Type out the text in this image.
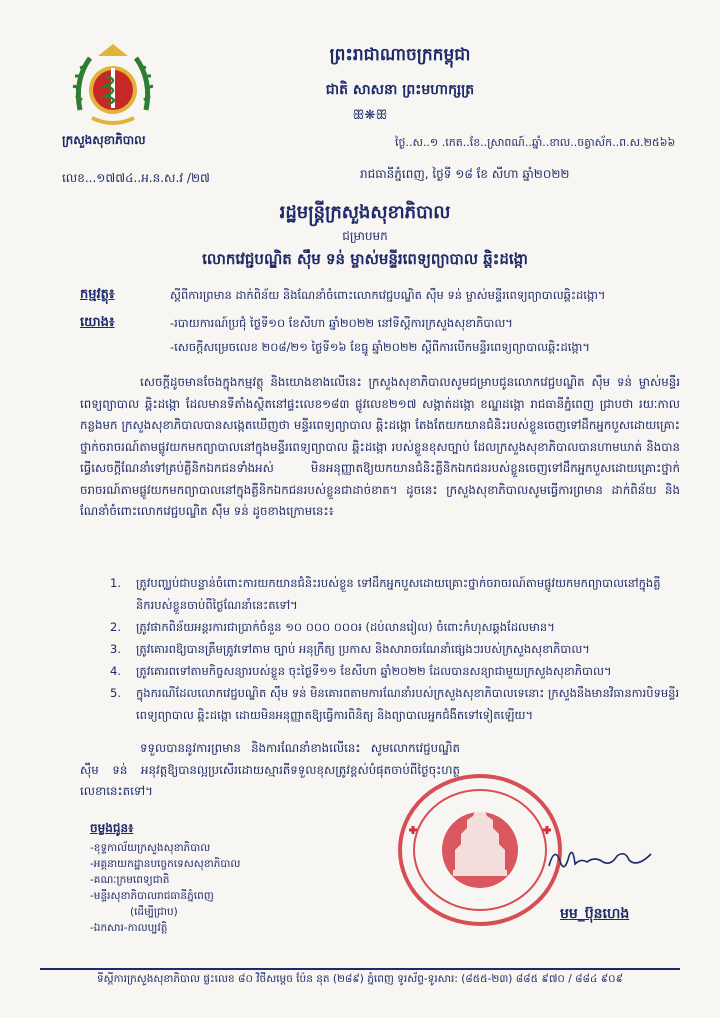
ក្រសួងសុខាភិបាល
លេខ...១៧៧៤..អ.ន.ស.វ /២៧
ព្រះរាជាណាចក្រកម្ពុជា
ជាតិ សាសនា ព្រះមហាក្សត្រ
ꕥ❋ꕥ
ថ្ងៃ..ស..១ .កេត..ខែ..ស្រាពណ៍..ឆ្នាំ..ខាល..ចត្វាស័ក..ព.ស.២៥៦៦
រាជធានីភ្នំពេញ, ថ្ងៃទី ១៨ ខែ សីហា ឆ្នាំ២០២២
រដ្ឋមន្ត្រីក្រសួងសុខាភិបាល
ជម្រាបមក
លោកវេជ្ជបណ្ឌិត ស៊ឹម ទន់ ម្ចាស់មន្ទីរពេទ្យព្យាបាល ឆ្ពិះដង្កោ
កម្មវត្ថុ៖	ស្តីពីការព្រមាន ដាក់ពិន័យ និងណែនាំចំពោះលោកវេជ្ជបណ្ឌិត ស៊ឹម ទន់ ម្ចាស់មន្ទីរពេទ្យព្យាបាលឆ្ពិះដង្កោ។
យោង៖	-របាយការណ៍ប្រជុំ ថ្ងៃទី១០ ខែសីហា ឆ្នាំ២០២២ នៅទីស្តីការក្រសួងសុខាភិបាល។
-សេចក្តីសម្រេចលេខ ២០៨/២១ ថ្ងៃទី១៦ ខែធ្នូ ឆ្នាំ២០២២ ស្តីពីការបើកមន្ទីរពេទ្យព្យាបាលឆ្ពិះដង្កោ។
សេចក្តីដូចមានចែងក្នុងកម្មវត្ថុ និងយោងខាងលើនេះ ក្រសួងសុខាភិបាលសូមជម្រាបជូនលោកវេជ្ជបណ្ឌិត ស៊ឹម ទន់ ម្ចាស់មន្ទីរពេទ្យព្យាបាល ឆ្ពិះដង្កោ ដែលមានទីតាំងស្ថិតនៅផ្ទះលេខ១៨៣ ផ្លូវលេខ២១៧ សង្កាត់ដង្កោ ខណ្ឌដង្កោ រាជធានីភ្នំពេញ ជ្រាបថា រយៈកាលកន្លងមក ក្រសួងសុខាភិបាលបានសង្កេតឃើញថា មន្ទីរពេទ្យព្យាបាល ឆ្ពិះដង្កោ តែងតែយកយានជំនិះរបស់ខ្លួនចេញទៅដឹកអ្នកបួសដោយគ្រោះថ្នាក់ចរាចរណ៍តាមផ្លូវយកមកព្យាបាលនៅក្នុងមន្ទីរពេទ្យព្យាបាល ឆ្ពិះដង្កោ របស់ខ្លួនខុសច្បាប់ ដែលក្រសួងសុខាភិបាលបានហាមឃាត់ និងបានធ្វើសេចក្តីណែនាំទៅគ្រប់គ្លីនិកឯកជនទាំងអស់ មិនអនុញ្ញាតឱ្យយកយានជំនិះគ្លីនិកឯកជនរបស់ខ្លួនចេញទៅដឹកអ្នកបួសដោយគ្រោះថ្នាក់ចរាចរណ៍តាមផ្លូវយកមកព្យាបាលនៅក្នុងគ្លីនិកឯកជនរបស់ខ្លួនជាដាច់ខាត។ ដូចនេះ ក្រសួងសុខាភិបាលសូមធ្វើការព្រមាន ដាក់ពិន័យ និងណែនាំចំពោះលោកវេជ្ជបណ្ឌិត ស៊ឹម ទន់ ដូចខាងក្រោមនេះ៖
1. ត្រូវបញ្ឈប់ជាបន្ទាន់ចំពោះការយកយានជំនិះរបស់ខ្លួន ទៅដឹកអ្នកបួសដោយគ្រោះថ្នាក់ចរាចរណ៍តាមផ្លូវយកមកព្យាបាលនៅក្នុងគ្លីនិករបស់ខ្លួនចាប់ពីថ្ងៃណែនាំនេះតទៅ។
2. ត្រូវផាកពិន័យអន្តរការជាប្រាក់ចំនួន ១០ ០០០ ០០០៛ (ដប់លានរៀល) ចំពោះកំហុសឆ្គងដែលមាន។
3. ត្រូវគោរពឱ្យបានត្រឹមត្រូវទៅតាម ច្បាប់ អនុក្រឹត្យ ប្រកាស និងសារាចរណែនាំផ្សេងៗរបស់ក្រសួងសុខាភិបាល។
4. ត្រូវគោរពទៅតាមកិច្ចសន្យារបស់ខ្លួន ចុះថ្ងៃទី១១ ខែសីហា ឆ្នាំ២០២២ ដែលបានសន្យាជាមួយក្រសួងសុខាភិបាល។
5. ក្នុងករណីដែលលោកវេជ្ជបណ្ឌិត ស៊ឹម ទន់ មិនគោរពតាមការណែនាំរបស់ក្រសួងសុខាភិបាលទេនោះ ក្រសួងនឹងមានវិធានការបិទមន្ទីរពេទ្យព្យាបាល ឆ្ពិះដង្កោ ដោយមិនអនុញ្ញាតឱ្យធ្វើការពិនិត្យ និងព្យាបាលអ្នកជំងឺតទៅទៀតឡើយ។
ទទួលបាននូវការព្រមាន និងការណែនាំខាងលើនេះ សូមលោកវេជ្ជបណ្ឌិត ស៊ឹម ទន់ អនុវត្តឱ្យបានល្អប្រសើរដោយស្មារតីទទួលខុសត្រូវខ្ពស់បំផុតចាប់ពីថ្ងៃចុះហត្ថលេខានេះតទៅ។
ចម្លងជូន៖
-ខុទ្ទកាល័យក្រសួងសុខាភិបាល
-អគ្គនាយកដ្ឋានបច្ចេកទេសសុខាភិបាល
-គណៈក្រមពេទ្យជាតិ
-មន្ទីរសុខាភិបាលរាជធានីភ្នំពេញ
(ដើម្បីជ្រាប)
-ឯកសារ-កាលប្បវត្តិ
មម_ប៊ុនហេង
ទីស្តីការក្រសួងសុខាភិបាល ផ្លះលេខ ៨០ វិថីសម្តេច ប៉ែន នុត (២៨៩) ភ្នំពេញ ទូរស័ព្ទ-ទូរសារ: (៨៥៥-២៣) ៨៨៥ ៩៧០ / ៨៨៤ ៩០៩
